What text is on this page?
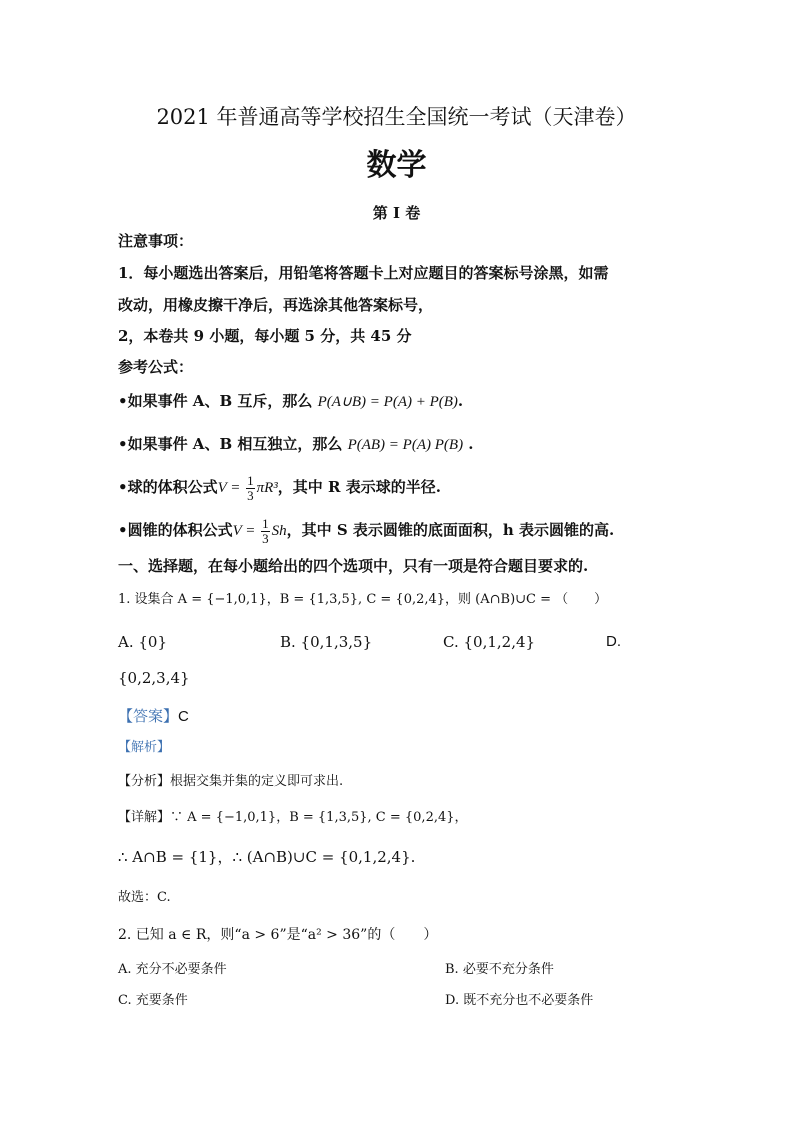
2021 年普通高等学校招生全国统一考试（天津卷）
数学
第 I 卷
注意事项：
1．每小题选出答案后，用铅笔将答题卡上对应题目的答案标号涂黑，如需
改动，用橡皮擦干净后，再选涂其他答案标号，
2，本卷共 9 小题，每小题 5 分，共 45 分
参考公式：
•如果事件 A、B 互斥，那么 P(A∪B) = P(A) + P(B).
•如果事件 A、B 相互独立，那么 P(AB) = P(A) P(B) .
•球的体积公式$V = \frac{1}{3} \pi R^3$，其中 R 表示球的半径.
•圆锥的体积公式$V = \frac{1}{3}$ Sh，其中 S 表示圆锥的底面面积，h 表示圆锥的高.
一、选择题，在每小题给出的四个选项中，只有一项是符合题目要求的.
1. 设集合 A = {−1,0,1}，B = {1,3,5}, C = {0,2,4}，则 (A∩B)∪C = （　　）
A. {0}	B. {0,1,3,5}	C. {0,1,2,4}	D.
{0,2,3,4}
【答案】C
【解析】
【分析】根据交集并集的定义即可求出.
【详解】∵ A = {−1,0,1}，B = {1,3,5}, C = {0,2,4}，
∴ A∩B = {1}，∴ (A∩B)∪C = {0,1,2,4}.
故选：C.
2. 已知 a ∈ R，则“a > 6”是“a² > 36”的（　　）
A. 充分不必要条件	B. 必要不充分条件
C. 充要条件	D. 既不充分也不必要条件
